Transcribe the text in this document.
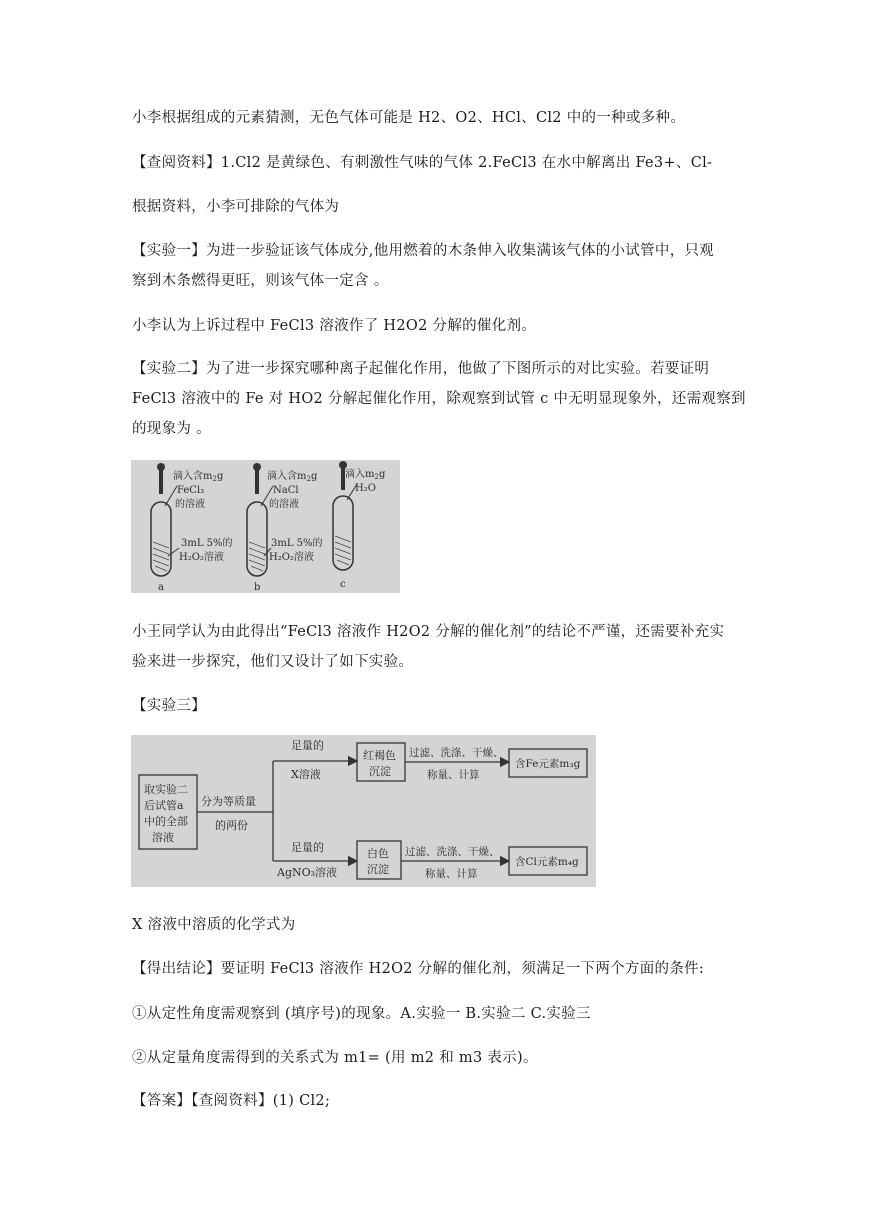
小李根据组成的元素猜测，无色气体可能是 H2、O2、HCl、Cl2 中的一种或多种。
【查阅资料】1.Cl2 是黄绿色、有刺激性气味的气体 2.FeCl3 在水中解离出 Fe3+、Cl-
根据资料，小李可排除的气体为
【实验一】为进一步验证该气体成分,他用燃着的木条伸入收集满该气体的小试管中，只观
察到木条燃得更旺，则该气体一定含 。
小李认为上诉过程中 FeCl3 溶液作了 H2O2 分解的催化剂。
【实验二】为了进一步探究哪种离子起催化作用，他做了下图所示的对比实验。若要证明
FeCl3 溶液中的 Fe 对 HO2 分解起催化作用，除观察到试管 c 中无明显现象外，还需观察到
的现象为 。
滴入含$m_2g$
FeCl₃
的溶液
3mL 5%的
H₂O₂溶液
a
滴入含$m_2g$
NaCl
的溶液
3mL 5%的
H₂O₂溶液
b
滴入$m_2g$
H₂O
c
小王同学认为由此得出“FeCl3 溶液作 H2O2 分解的催化剂”的结论不严谨，还需要补充实
验来进一步探究，他们又设计了如下实验。
【实验三】
取实验二
后试管a
中的全部
溶液
分为等质量
的两份
足量的
X溶液
足量的
AgNO₃溶液
红褐色
沉淀
白色
沉淀
过滤、洗涤、干燥、
称量、计算
过滤、洗涤、干燥、
称量、计算
含Fe元素m₃g
含Cl元素m₄g
X 溶液中溶质的化学式为
【得出结论】要证明 FeCl3 溶液作 H2O2 分解的催化剂，须满足一下两个方面的条件:
①从定性角度需观察到 (填序号)的现象。A.实验一 B.实验二 C.实验三
②从定量角度需得到的关系式为 m1= (用 m2 和 m3 表示)。
【答案】【查阅资料】(1) Cl2;
